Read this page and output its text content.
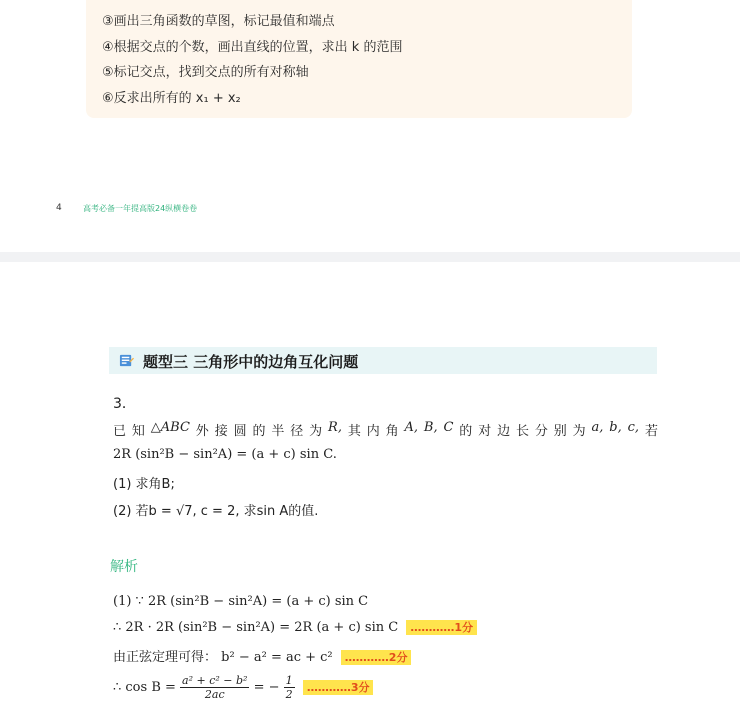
③画出三角函数的草图，标记最值和端点
④根据交点的个数，画出直线的位置，求出 k 的范围
⑤标记交点，找到交点的所有对称轴
⑥反求出所有的 x₁ + x₂
4	高考必备一年提高版24纵横卷卷
题型三 三角形中的边角互化问题
3．
已 知 △ABC 外 接 圆 的 半 径 为 R, 其 内 角 A, B, C 的 对 边 长 分 别 为 a, b, c, 若
2R (sin²B − sin²A) = (a + c) sin C.
(1) 求角B;
(2) 若b = √7, c = 2, 求sin A的值.
解析
(1) ∵ 2R (sin²B − sin²A) = (a + c) sin C
∴ 2R · 2R (sin²B − sin²A) = 2R (a + c) sin C …………1分
由正弦定理可得： b² − a² = ac + c² …………2分
∴ $\cos B = \frac{\text{a² + c² − b²}}{2ac}$ = − $\frac{1}{2}$ …………3分
